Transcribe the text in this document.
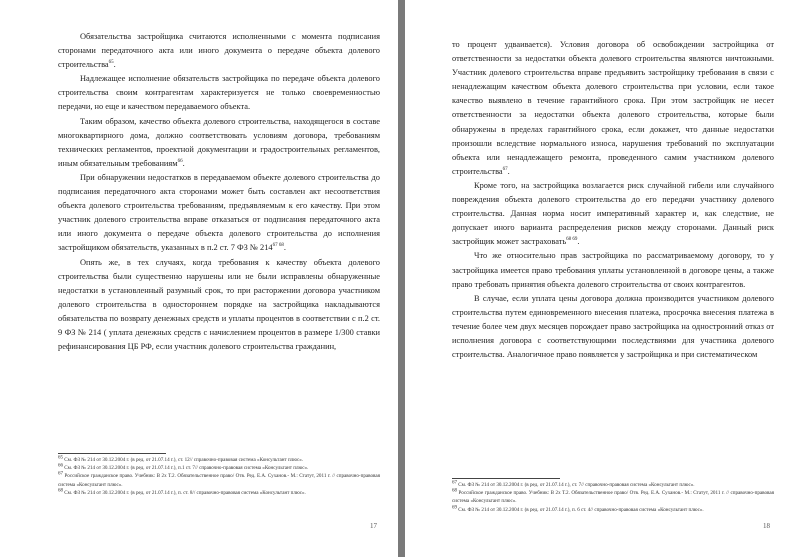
Обязательства застройщика считаются исполненными с момента подписания сторонами передаточного акта или иного документа о передаче объекта долевого строительства$^{65}$.

Надлежащее исполнение обязательств застройщика по передаче объекта долевого строительства своим контрагентам характеризуется не только своевременностью передачи, но еще и качеством передаваемого объекта.

Таким образом, качество объекта долевого строительства, находящегося в составе многоквартирного дома, должно соответствовать условиям договора, требованиям технических регламентов, проектной документации и градостроительных регламентов, иным обязательным требованиям$^{66}$.

При обнаружении недостатков в передаваемом объекте долевого строительства до подписания передаточного акта сторонами может быть составлен акт несоответствия объекта долевого строительства требованиям, предъявляемым к его качеству. При этом участник долевого строительства вправе отказаться от подписания передаточного акта или иного документа о передаче объекта долевого строительства до исполнения застройщиком обязательств, указанных в п.2 ст. 7 ФЗ № $214^{67 68}$.

Опять же, в тех случаях, когда требования к качеству объекта долевого строительства были существенно нарушены или не были исправлены обнаруженные недостатки в установленный разумный срок, то при расторжении договора участником долевого строительства в одностороннем порядке на застройщика накладываются обязательства по возврату денежных средств и уплаты процентов в соответствии с п.2 ст. 9 ФЗ № 214 ( уплата денежных средств с начислением процентов в размере 1/300 ставки рефинансирования ЦБ РФ, если участник долевого строительства гражданин,

$^{65}$ См. ФЗ № 214 от 30.12.2004 г. (в ред. от 21.07.14 г.), ст. 12// справочно-правовая система «Консультант плюс».

$^{66}$ См. ФЗ № 214 от 30.12.2004 г. (в ред. от 21.07.14 г.), п.1 ст. 7// справочно-правовая система «Консультант плюс».

$^{67}$ Российское гражданское право. Учебник: В 2х Т.2. Обязательственное право/ Отв. Ред. Е.А. Суханов.- М.: Статут, 2011 г. // справочно-правовая система «Консультант плюс».

$^{68}$ См. ФЗ № 214 от 30.12.2004 г. (в ред. от 21.07.14 г.), п. ст. 8// справочно-правовая система «Консультант плюс».

17

то процент удваивается). Условия договора об освобождении застройщика от ответственности за недостатки объекта долевого строительства являются ничтожными. Участник долевого строительства вправе предъявить застройщику требования в связи с ненадлежащим качеством объекта долевого строительства при условии, если такое качество выявлено в течение гарантийного срока. При этом застройщик не несет ответственности за недостатки объекта долевого строительства, которые были обнаружены в пределах гарантийного срока, если докажет, что данные недостатки произошли вследствие нормального износа, нарушения требований по эксплуатации объекта или ненадлежащего ремонта, проведенного самим участником долевого строительства$^{67}$.

Кроме того, на застройщика возлагается риск случайной гибели или случайного повреждения объекта долевого строительства до его передачи участнику долевого строительства. Данная норма носит императивный характер и, как следствие, не допускает иного варианта распределения рисков между сторонами. Данный риск застройщик может застраховать$^{68 69}$.

Что же относительно прав застройщика по рассматриваемому договору, то у застройщика имеется право требования уплаты установленной в договоре цены, а также право требовать принятия объекта долевого строительства от своих контрагентов.

В случае, если уплата цены договора должна производится участником долевого строительства путем единовременного внесения платежа, просрочка внесения платежа в течение более чем двух месяцев порождает право застройщика на одностронний отказ от исполнения договора с соответствующими последствиями для участника долевого строительства. Аналогичное право появляется у застройщика и при систематическом

$^{67}$ См. ФЗ № 214 от 30.12.2004 г. (в ред. от 21.07.14 г.), ст. 7// справочно-правовая система «Консультант плюс».

$^{68}$ Российское гражданское право. Учебник: В 2х Т.2. Обязательственное право/ Отв. Ред. Е.А. Суханов.- М.: Статут, 2011 г. // справочно-правовая система «Консультант плюс».

$^{69}$ См. ФЗ № 214 от 30.12.2004 г. (в ред. от 21.07.14 г.), п. 6 ст. 4// справочно-правовая система «Консультант плюс».

18
